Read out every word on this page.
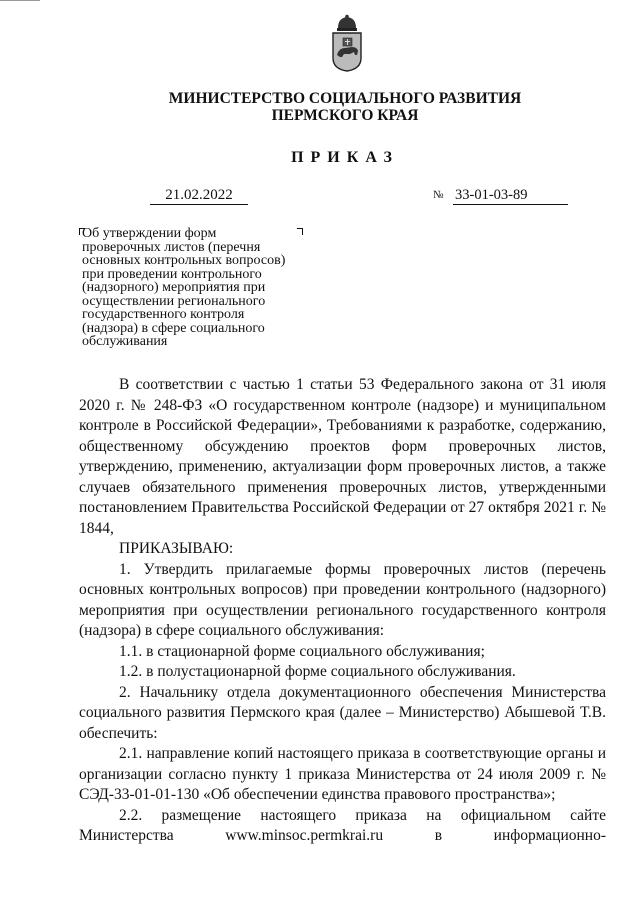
МИНИСТЕРСТВО СОЦИАЛЬНОГО РАЗВИТИЯ
ПЕРМСКОГО КРАЯ
ПРИКАЗ
21.02.2022	№ 33-01-03-89
Об утверждении форм
проверочных листов (перечня
основных контрольных вопросов)
при проведении контрольного
(надзорного) мероприятия при
осуществлении регионального
государственного контроля
(надзора) в сфере социального
обслуживания

В соответствии с частью 1 статьи 53 Федерального закона от 31 июля 2020 г. № 248-ФЗ «О государственном контроле (надзоре) и муниципальном контроле в Российской Федерации», Требованиями к разработке, содержанию, общественному обсуждению проектов форм проверочных листов, утверждению, применению, актуализации форм проверочных листов, а также случаев обязательного применения проверочных листов, утвержденными постановлением Правительства Российской Федерации от 27 октября 2021 г. № 1844,

ПРИКАЗЫВАЮ:

1. Утвердить прилагаемые формы проверочных листов (перечень основных контрольных вопросов) при проведении контрольного (надзорного) мероприятия при осуществлении регионального государственного контроля (надзора) в сфере социального обслуживания:

1.1. в стационарной форме социального обслуживания;

1.2. в полустационарной форме социального обслуживания.

2. Начальнику отдела документационного обеспечения Министерства социального развития Пермского края (далее – Министерство) Абышевой Т.В. обеспечить:

2.1. направление копий настоящего приказа в соответствующие органы и организации согласно пункту 1 приказа Министерства от 24 июля 2009 г. № СЭД-33-01-01-130 «Об обеспечении единства правового пространства»;

2.2. размещение настоящего приказа на официальном сайте Министерства www.minsoc.permkrai.ru в информационно-
